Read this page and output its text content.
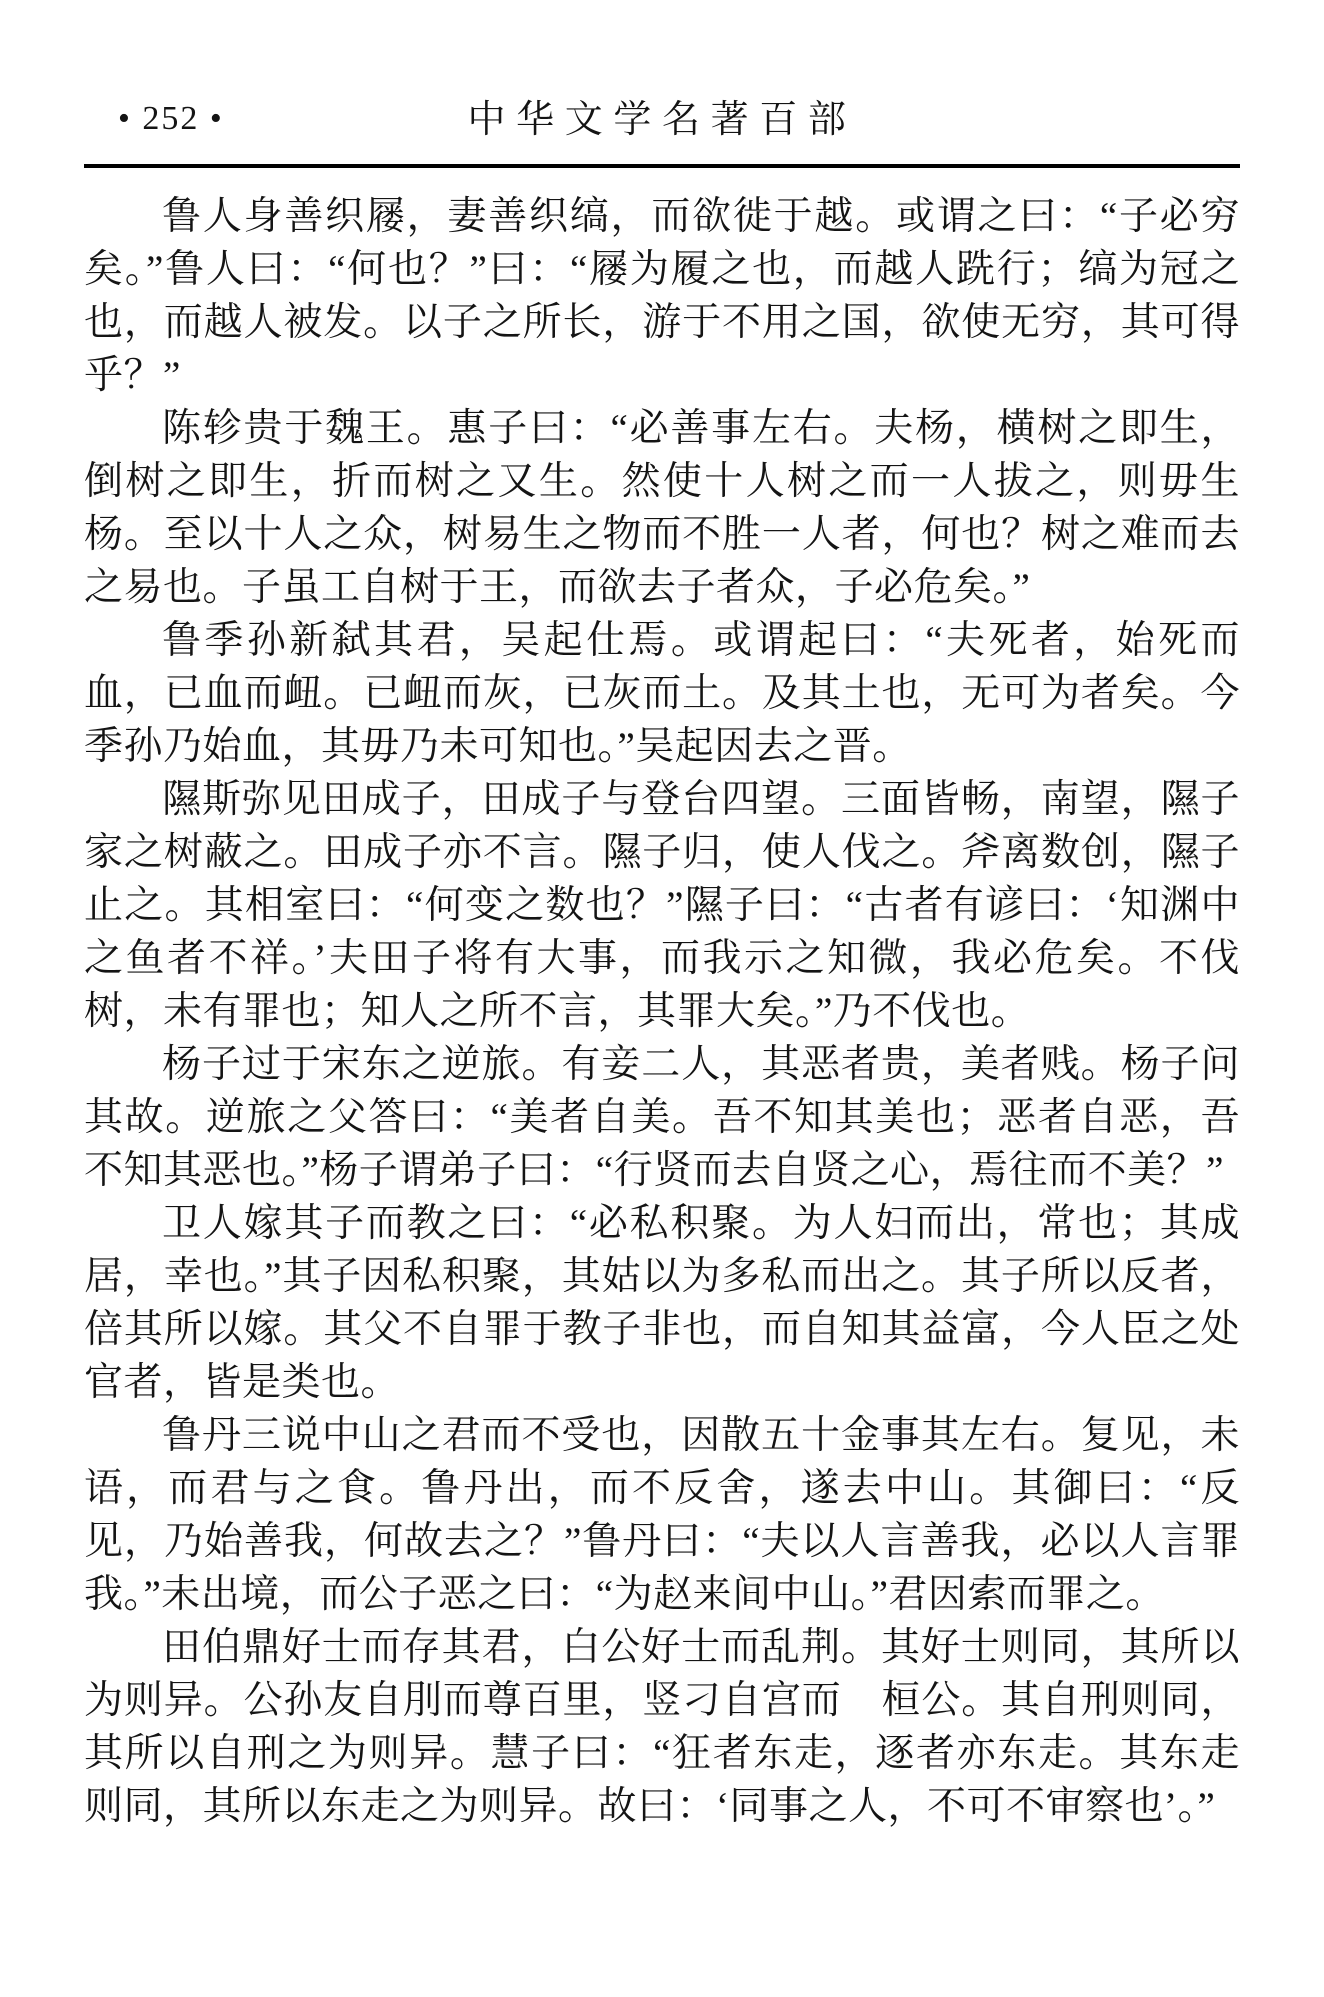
• 252 •	中华文学名著百部

鲁人身善织屦，妻善织缟，而欲徙于越。或谓之曰：“子必穷矣。”鲁人曰：“何也？”曰：“屦为履之也，而越人跣行；缟为冠之也，而越人被发。以子之所长，游于不用之国，欲使无穷，其可得乎？”

陈轸贵于魏王。惠子曰：“必善事左右。夫杨，横树之即生，倒树之即生，折而树之又生。然使十人树之而一人拔之，则毋生杨。至以十人之众，树易生之物而不胜一人者，何也？树之难而去之易也。子虽工自树于王，而欲去子者众，子必危矣。”

鲁季孙新弑其君，吴起仕焉。或谓起曰：“夫死者，始死而血，已血而衄。已衄而灰，已灰而土。及其土也，无可为者矣。今季孙乃始血，其毋乃未可知也。”吴起因去之晋。

隰斯弥见田成子，田成子与登台四望。三面皆畅，南望，隰子家之树蔽之。田成子亦不言。隰子归，使人伐之。斧离数创，隰子止之。其相室曰：“何变之数也？”隰子曰：“古者有谚曰：‘知渊中之鱼者不祥。’夫田子将有大事，而我示之知微，我必危矣。不伐树，未有罪也；知人之所不言，其罪大矣。”乃不伐也。

杨子过于宋东之逆旅。有妾二人，其恶者贵，美者贱。杨子问其故。逆旅之父答曰：“美者自美。吾不知其美也；恶者自恶，吾不知其恶也。”杨子谓弟子曰：“行贤而去自贤之心，焉往而不美？”

卫人嫁其子而教之曰：“必私积聚。为人妇而出，常也；其成居，幸也。”其子因私积聚，其姑以为多私而出之。其子所以反者，倍其所以嫁。其父不自罪于教子非也，而自知其益富，今人臣之处官者，皆是类也。

鲁丹三说中山之君而不受也，因散五十金事其左右。复见，未语，而君与之食。鲁丹出，而不反舍，遂去中山。其御曰：“反见，乃始善我，何故去之？”鲁丹曰：“夫以人言善我，必以人言罪我。”未出境，而公子恶之曰：“为赵来间中山。”君因索而罪之。

田伯鼎好士而存其君，白公好士而乱荆。其好士则同，其所以为则异。公孙友自刖而尊百里，竖刁自宫而　桓公。其自刑则同，其所以自刑之为则异。慧子曰：“狂者东走，逐者亦东走。其东走则同，其所以东走之为则异。故曰：‘同事之人，不可不审察也’。”
